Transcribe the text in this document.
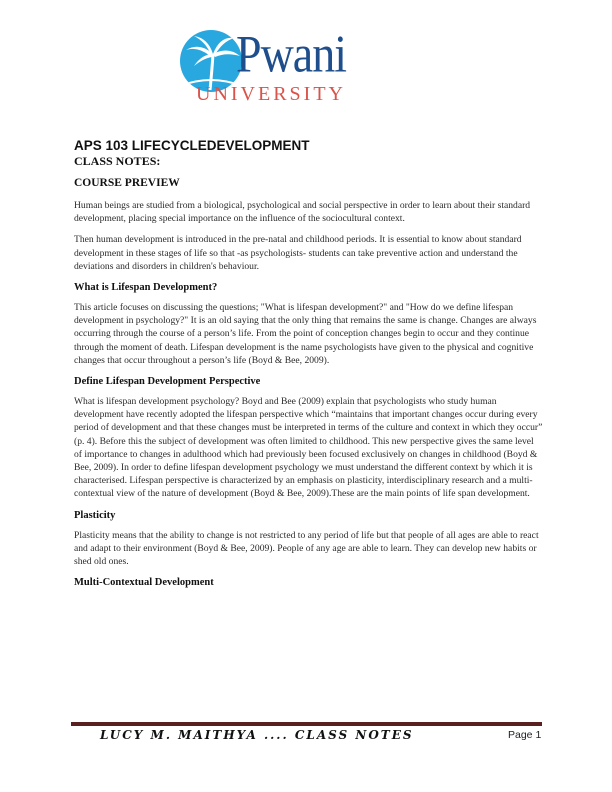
Pwani
UNIVERSITY
APS 103 LIFECYCLEDEVELOPMENT
CLASS NOTES:
COURSE PREVIEW

Human beings are studied from a biological, psychological and social perspective in order to learn about their standard development, placing special importance on the influence of the sociocultural context.

Then human development is introduced in the pre-natal and childhood periods. It is essential to know about standard development in these stages of life so that -as psychologists- students can take preventive action and understand the deviations and disorders in children's behaviour.

What is Lifespan Development?

This article focuses on discussing the questions; "What is lifespan development?" and "How do we define lifespan development in psychology?" It is an old saying that the only thing that remains the same is change. Changes are always occurring through the course of a person’s life. From the point of conception changes begin to occur and they continue through the moment of death. Lifespan development is the name psychologists have given to the physical and cognitive changes that occur throughout a person’s life (Boyd & Bee, 2009).

Define Lifespan Development Perspective

What is lifespan development psychology? Boyd and Bee (2009) explain that psychologists who study human development have recently adopted the lifespan perspective which “maintains that important changes occur during every period of development and that these changes must be interpreted in terms of the culture and context in which they occur” (p. 4). Before this the subject of development was often limited to childhood. This new perspective gives the same level of importance to changes in adulthood which had previously been focused exclusively on changes in childhood (Boyd & Bee, 2009). In order to define lifespan development psychology we must understand the different context by which it is characterised. Lifespan perspective is characterized by an emphasis on plasticity, interdisciplinary research and a multi-contextual view of the nature of development (Boyd & Bee, 2009).These are the main points of life span development.

Plasticity

Plasticity means that the ability to change is not restricted to any period of life but that people of all ages are able to react and adapt to their environment (Boyd & Bee, 2009). People of any age are able to learn. They can develop new habits or shed old ones.

Multi-Contextual Development
LUCY M. MAITHYA .... CLASS NOTES	Page 1
